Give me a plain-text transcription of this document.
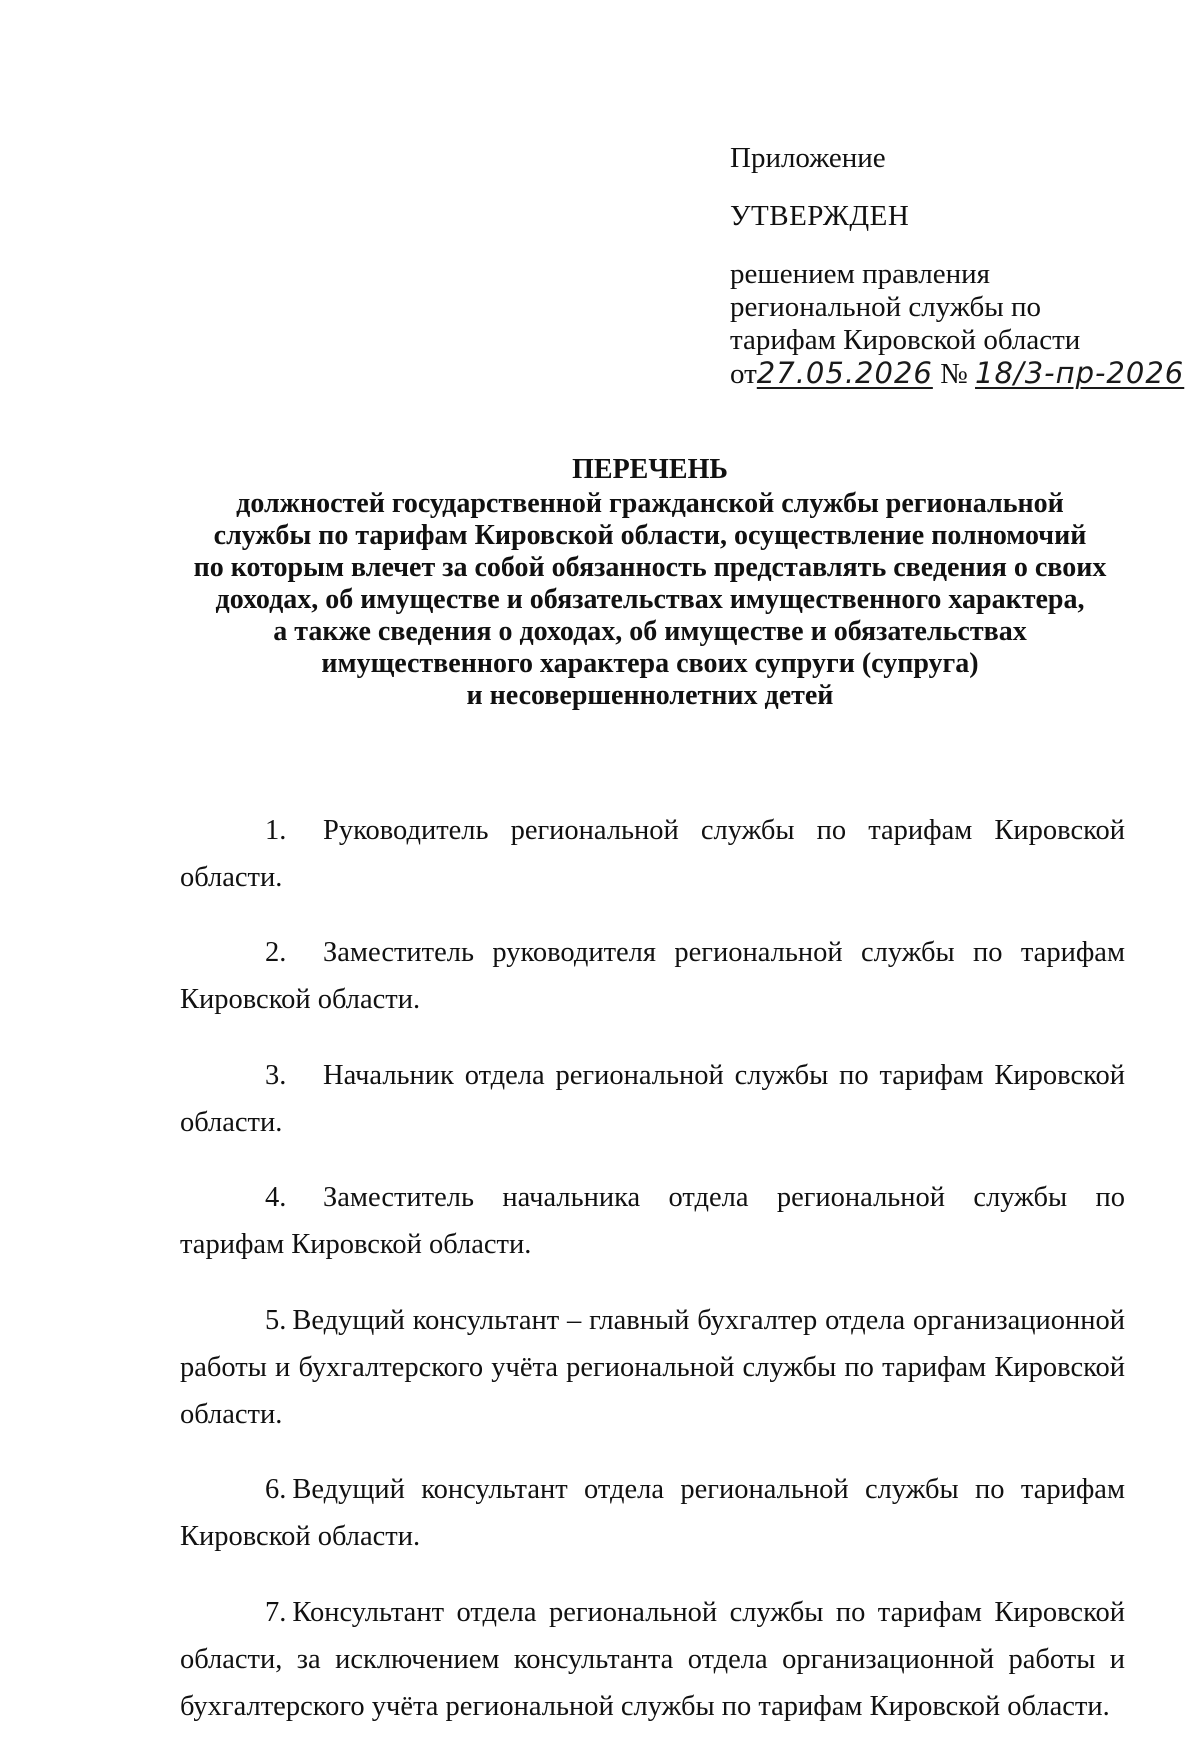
Приложение
УТВЕРЖДЕН
решением правления
региональной службы по
тарифам Кировской области
от27.05.2026 № 18/3-пр-2026
ПЕРЕЧЕНЬ
должностей государственной гражданской службы региональной
службы по тарифам Кировской области, осуществление полномочий
по которым влечет за собой обязанность представлять сведения о своих
доходах, об имуществе и обязательствах имущественного характера,
а также сведения о доходах, об имуществе и обязательствах
имущественного характера своих супруги (супруга)
и несовершеннолетних детей

1. Руководитель региональной службы по тарифам Кировской области.

2. Заместитель руководителя региональной службы по тарифам Кировской области.

3. Начальник отдела региональной службы по тарифам Кировской области.

4. Заместитель начальника отдела региональной службы по тарифам Кировской области.

5. Ведущий консультант – главный бухгалтер отдела организационной работы и бухгалтерского учёта региональной службы по тарифам Кировской области.

6. Ведущий консультант отдела региональной службы по тарифам Кировской области.

7. Консультант отдела региональной службы по тарифам Кировской области, за исключением консультанта отдела организационной работы и бухгалтерского учёта региональной службы по тарифам Кировской области.
